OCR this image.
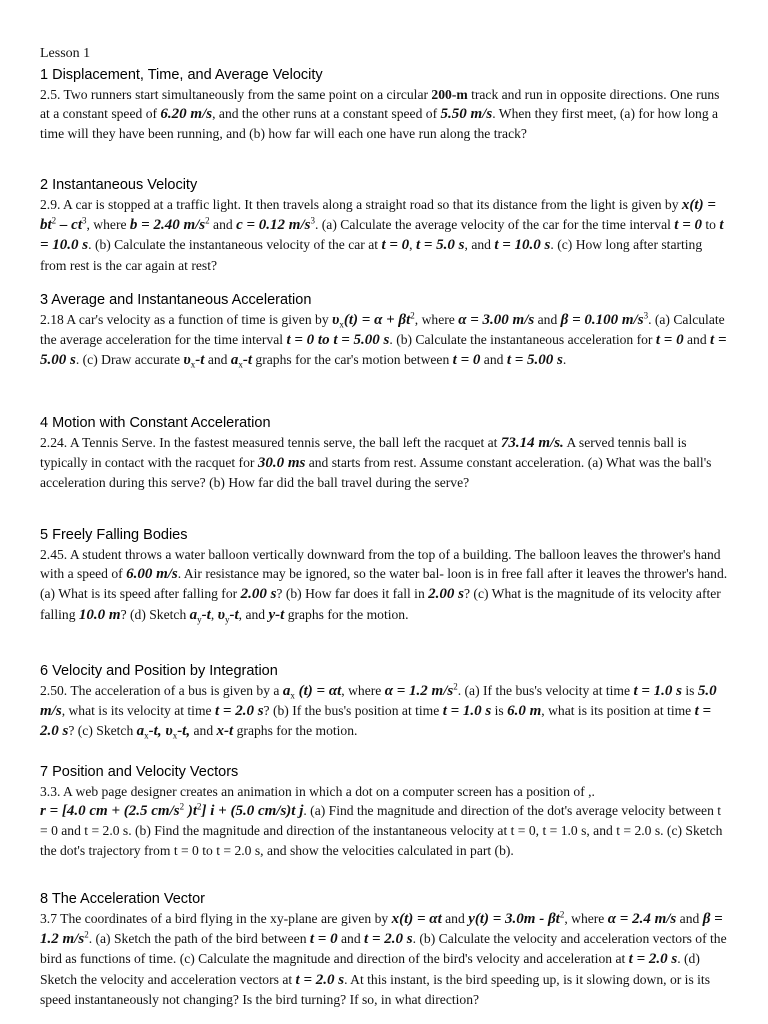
Lesson 1
1 Displacement, Time, and Average Velocity

2.5. Two runners start simultaneously from the same point on a circular 200-m track and run in opposite directions. One runs at a constant speed of 6.20 m/s, and the other runs at a constant speed of 5.50 m/s. When they first meet, (a) for how long a time will they have been running, and (b) how far will each one have run along the track?

2 Instantaneous Velocity

2.9. A car is stopped at a traffic light. It then travels along a straight road so that its distance from the light is given by $x(t) = bt^2 - ct^3$, where b = 2.40 $m/s^2$ and c = 0.12 $m/s^3$. (a) Calculate the average velocity of the car for the time interval t = 0 to t = 10.0 s. (b) Calculate the instantaneous velocity of the car at t = 0, t = 5.0 s, and t = 10.0 s. (c) How long after starting from rest is the car again at rest?

3 Average and Instantaneous Acceleration

2.18 A car's velocity as a function of time is given by $\upsilon_x(t) = \alpha + \beta t^2$, where α = 3.00 m/s and β = 0.100 $m/s^3$. (a) Calculate the average acceleration for the time interval t = 0 to t = 5.00 s. (b) Calculate the instantaneous acceleration for t = 0 and t = 5.00 s. (c) Draw accurate $\upsilon_x-t$ and $a_x-t$ graphs for the car's motion between t = 0 and t = 5.00 s.

4 Motion with Constant Acceleration

2.24. A Tennis Serve. In the fastest measured tennis serve, the ball left the racquet at 73.14 m/s. A served tennis ball is typically in contact with the racquet for 30.0 ms and starts from rest. Assume constant acceleration. (a) What was the ball's acceleration during this serve? (b) How far did the ball travel during the serve?

5 Freely Falling Bodies

2.45. A student throws a water balloon vertically downward from the top of a building. The balloon leaves the thrower's hand with a speed of 6.00 m/s. Air resistance may be ignored, so the water bal- loon is in free fall after it leaves the thrower's hand. (a) What is its speed after falling for 2.00 s? (b) How far does it fall in 2.00 s? (c) What is the magnitude of its velocity after falling 10.0 m? (d) Sketch $a_y-t$, $\upsilon_y-t$, and y-t graphs for the motion.

6 Velocity and Position by Integration

2.50. The acceleration of a bus is given by a $a_x$ (t) = αt, where α = 1.2 $m/s^2$. (a) If the bus's velocity at time t = 1.0 s is 5.0 m/s, what is its velocity at time t = 2.0 s? (b) If the bus's position at time t = 1.0 s is 6.0 m, what is its position at time t = 2.0 s? (c) Sketch $a_x-t$, $\upsilon_x-t$, and x-t graphs for the motion.

7 Position and Velocity Vectors

3.3. A web page designer creates an animation in which a dot on a computer screen has a position of ,.
r = [4.0 cm + (2.5 $cm/s^2$ )$t^2$] i + (5.0 cm/s)t j. (a) Find the magnitude and direction of the dot's average velocity between t = 0 and t = 2.0 s. (b) Find the magnitude and direction of the instantaneous velocity at t = 0, t = 1.0 s, and t = 2.0 s. (c) Sketch the dot's trajectory from t = 0 to t = 2.0 s, and show the velocities calculated in part (b).

8 The Acceleration Vector

3.7 The coordinates of a bird flying in the xy-plane are given by x(t) = αt and $y(t) = 3.0m - \beta t^2$, where α = 2.4 m/s and β = 1.2 $m/s^2$. (a) Sketch the path of the bird between t = 0 and t = 2.0 s. (b) Calculate the velocity and acceleration vectors of the bird as functions of time. (c) Calculate the magnitude and direction of the bird's velocity and acceleration at t = 2.0 s. (d) Sketch the velocity and acceleration vectors at t = 2.0 s. At this instant, is the bird speeding up, is it slowing down, or is its speed instantaneously not changing? Is the bird turning? If so, in what direction?
